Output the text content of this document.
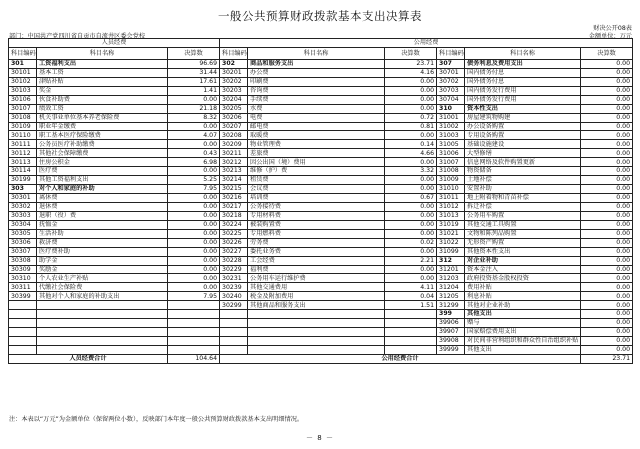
一般公共预算财政拨款基本支出决算表
财决公开08表
部门：中国共产党四川省自贡市自流井区委会党校	金额单位：万元
人员经费			公用经费					
科目编码	科目名称	决算数	科目编码	科目名称	决算数	科目编码	科目名称	决算数
301	工资福利支出	96.69	302	商品和服务支出	23.71	307	债务利息及费用支出	0.00
30101	基本工资	31.44	30201	办公费	4.16	30701	国内债务付息	0.00
30102	津贴补贴	17.61	30202	印刷费	0.00	30702	国外债务付息	0.00
30103	奖金	1.41	30203	咨询费	0.00	30703	国内债务发行费用	0.00
30106	伙食补助费	0.00	30204	手续费	0.00	30704	国外债务发行费用	0.00
30107	绩效工资	21.18	30205	水费	0.00	310	资本性支出	0.00
30108	机关事业单位基本养老保险费	8.32	30206	电费	0.72	31001	房屋建筑物购建	0.00
30109	职业年金缴费	0.00	30207	邮电费	0.81	31002	办公设备购置	0.00
30110	职工基本医疗保险缴费	4.07	30208	取暖费	0.00	31003	专用设备购置	0.00
30111	公务员医疗补助缴费	0.00	30209	物业管理费	0.14	31005	基础设施建设	0.00
30112	其他社会保障缴费	0.43	30211	差旅费	4.66	31006	大型修缮	0.00
30113	住房公积金	6.98	30212	因公出国（境）费用	0.00	31007	信息网络及软件购置更新	0.00
30114	医疗费	0.00	30213	维修（护）费	3.32	31008	物资储备	0.00
30199	其他工资福利支出	5.25	30214	租赁费	0.00	31009	土地补偿	0.00
303	对个人和家庭的补助	7.95	30215	会议费	0.00	31010	安置补助	0.00
30301	离休费	0.00	30216	培训费	0.67	31011	地上附着物和青苗补偿	0.00
30302	退休费	0.00	30217	公务接待费	0.00	31012	拆迁补偿	0.00
30303	退职（役）费	0.00	30218	专用材料费	0.00	31013	公务用车购置	0.00
30304	抚恤金	0.00	30224	被装购置费	0.00	31019	其他交通工具购置	0.00
30305	生活补助	0.00	30225	专用燃料费	0.00	31021	文物和陈列品购置	0.00
30306	救济费	0.00	30226	劳务费	0.02	31022	无形资产购置	0.00
30307	医疗费补助	0.00	30227	委托业务费	0.00	31099	其他资本性支出	0.00
30308	助学金	0.00	30228	工会经费	2.21	312	对企业补助	0.00
30309	奖励金	0.00	30229	福利费	0.00	31201	资本金注入	0.00
30310	个人农业生产补贴	0.00	30231	公务用车运行维护费	0.00	31203	政府投资基金股权投资	0.00
30311	代缴社会保险费	0.00	30239	其他交通费用	4.11	31204	费用补贴	0.00
30399	其他对个人和家庭的补助支出	7.95	30240	税金及附加费用	0.04	31205	利息补贴	0.00
			30299	其他商品和服务支出	1.51	31299	其他对企业补助	0.00
						399	其他支出	0.00
						39906	赠与	0.00
						39907	国家赔偿费用支出	0.00
						39908	对民间非营利组织和群众性自治组织补贴	0.00
						39999	其他支出	0.00
人员经费合计		104.64	公用经费合计					23.71
注：本表以“万元”为金额单位（保留两位小数），反映部门本年度一般公共预算财政拨款基本支出明细情况。
－ 8 －
